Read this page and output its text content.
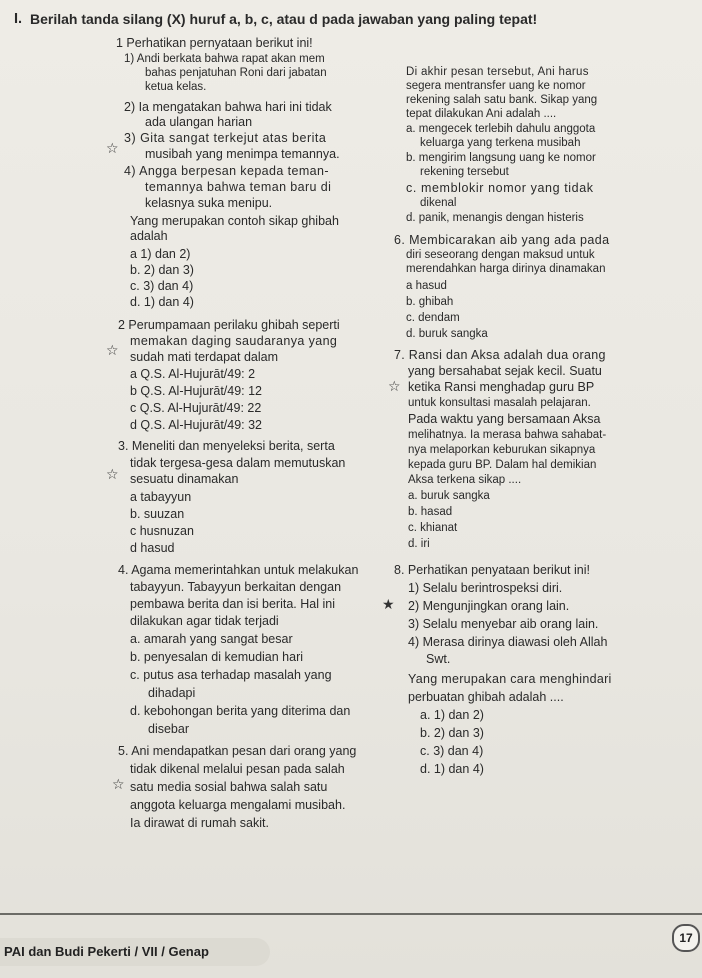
I. Berilah tanda silang (X) huruf a, b, c, atau d pada jawaban yang paling tepat!
1 Perhatikan pernyataan berikut ini!
1) Andi berkata bahwa rapat akan mem
bahas penjatuhan Roni dari jabatan
ketua kelas.
2) Ia mengatakan bahwa hari ini tidak
ada ulangan harian
3) Gita sangat terkejut atas berita
musibah yang menimpa temannya.
☆
4) Angga berpesan kepada teman-
temannya bahwa teman baru di
kelasnya suka menipu.
Yang merupakan contoh sikap ghibah
adalah
a 1) dan 2)
b. 2) dan 3)
c. 3) dan 4)
d. 1) dan 4)
2 Perumpamaan perilaku ghibah seperti
memakan daging saudaranya yang
☆ sudah mati terdapat dalam
a Q.S. Al-Hujurāt/49: 2
b Q.S. Al-Hujurāt/49: 12
c Q.S. Al-Hujurāt/49: 22
d Q.S. Al-Hujurāt/49: 32
3. Meneliti dan menyeleksi berita, serta
tidak tergesa-gesa dalam memutuskan
☆ sesuatu dinamakan
a tabayyun
b. suuzan
c husnuzan
d hasud
4. Agama memerintahkan untuk melakukan
tabayyun. Tabayyun berkaitan dengan
pembawa berita dan isi berita. Hal ini
dilakukan agar tidak terjadi
a. amarah yang sangat besar
b. penyesalan di kemudian hari
c. putus asa terhadap masalah yang
dihadapi
d. kebohongan berita yang diterima dan
disebar
5. Ani mendapatkan pesan dari orang yang
tidak dikenal melalui pesan pada salah
☆ satu media sosial bahwa salah satu
anggota keluarga mengalami musibah.
Ia dirawat di rumah sakit.
Di akhir pesan tersebut, Ani harus
segera mentransfer uang ke nomor
rekening salah satu bank. Sikap yang
tepat dilakukan Ani adalah ....
a. mengecek terlebih dahulu anggota
keluarga yang terkena musibah
b. mengirim langsung uang ke nomor
rekening tersebut
c. memblokir nomor yang tidak
dikenal
d. panik, menangis dengan histeris
6. Membicarakan aib yang ada pada
diri seseorang dengan maksud untuk
merendahkan harga dirinya dinamakan
a hasud
b. ghibah
c. dendam
d. buruk sangka
7. Ransi dan Aksa adalah dua orang
yang bersahabat sejak kecil. Suatu
☆ ketika Ransi menghadap guru BP
untuk konsultasi masalah pelajaran.
Pada waktu yang bersamaan Aksa
melihatnya. Ia merasa bahwa sahabat-
nya melaporkan keburukan sikapnya
kepada guru BP. Dalam hal demikian
Aksa terkena sikap ....
a. buruk sangka
b. hasad
c. khianat
d. iri
8. Perhatikan penyataan berikut ini!
1) Selalu berintrospeksi diri.
★ 2) Mengunjingkan orang lain.
3) Selalu menyebar aib orang lain.
4) Merasa dirinya diawasi oleh Allah
Swt.
Yang merupakan cara menghindari
perbuatan ghibah adalah ....
a. 1) dan 2)
b. 2) dan 3)
c. 3) dan 4)
d. 1) dan 4)
PAI dan Budi Pekerti / VII / Genap
17
